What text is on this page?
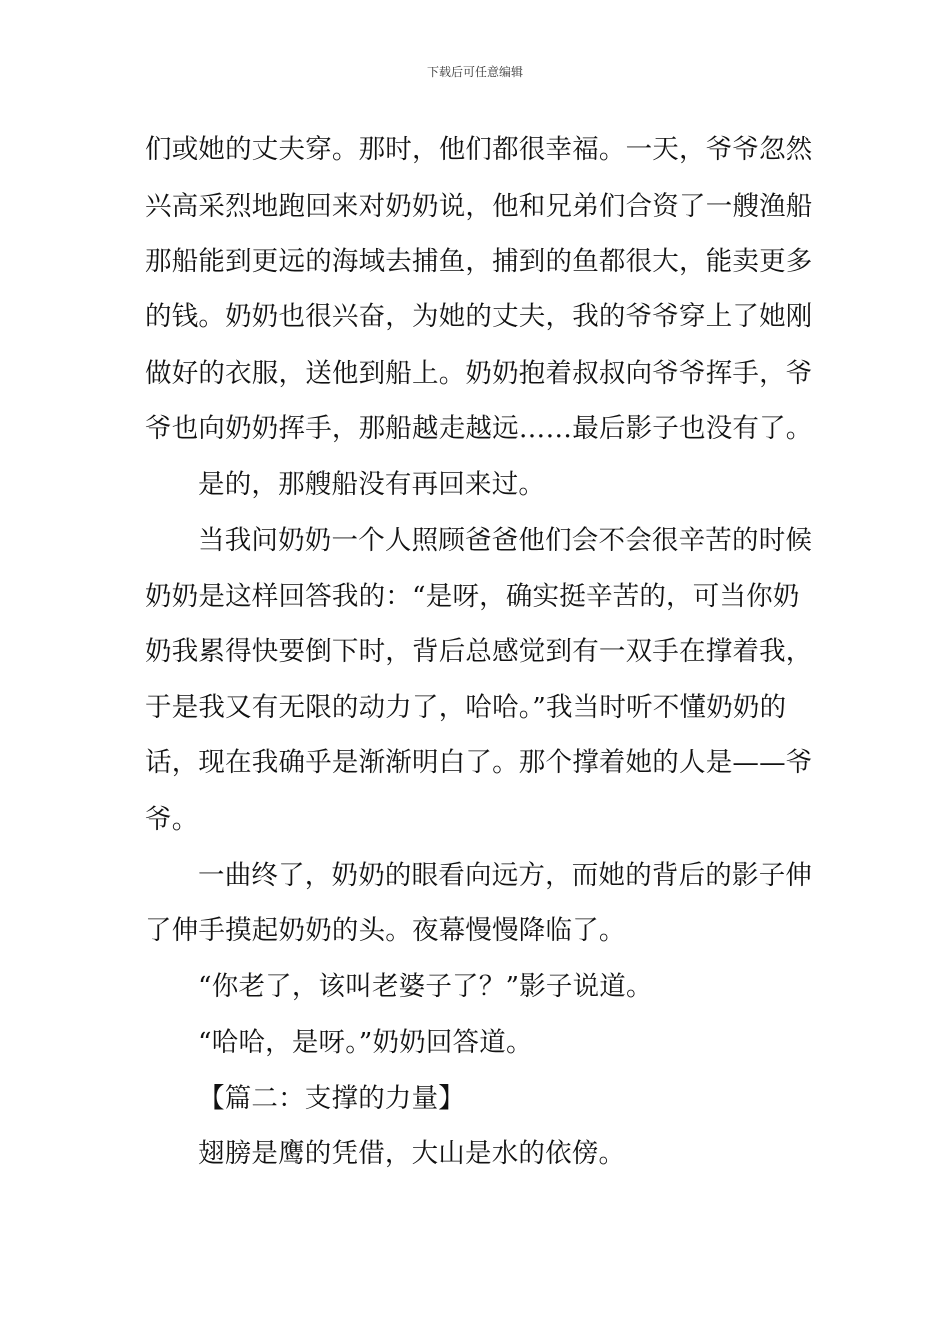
下载后可任意编辑
们或她的丈夫穿。那时，他们都很幸福。一天，爷爷忽然
兴高采烈地跑回来对奶奶说，他和兄弟们合资了一艘渔船
那船能到更远的海域去捕鱼，捕到的鱼都很大，能卖更多
的钱。奶奶也很兴奋，为她的丈夫，我的爷爷穿上了她刚
做好的衣服，送他到船上。奶奶抱着叔叔向爷爷挥手，爷
爷也向奶奶挥手，那船越走越远……最后影子也没有了。
是的，那艘船没有再回来过。
当我问奶奶一个人照顾爸爸他们会不会很辛苦的时候
奶奶是这样回答我的：“是呀，确实挺辛苦的，可当你奶
奶我累得快要倒下时，背后总感觉到有一双手在撑着我，
于是我又有无限的动力了，哈哈。”我当时听不懂奶奶的
话，现在我确乎是渐渐明白了。那个撑着她的人是——爷
爷。
一曲终了，奶奶的眼看向远方，而她的背后的影子伸
了伸手摸起奶奶的头。夜幕慢慢降临了。
“你老了，该叫老婆子了？”影子说道。
“哈哈，是呀。”奶奶回答道。
【篇二：支撑的力量】
翅膀是鹰的凭借，大山是水的依傍。
